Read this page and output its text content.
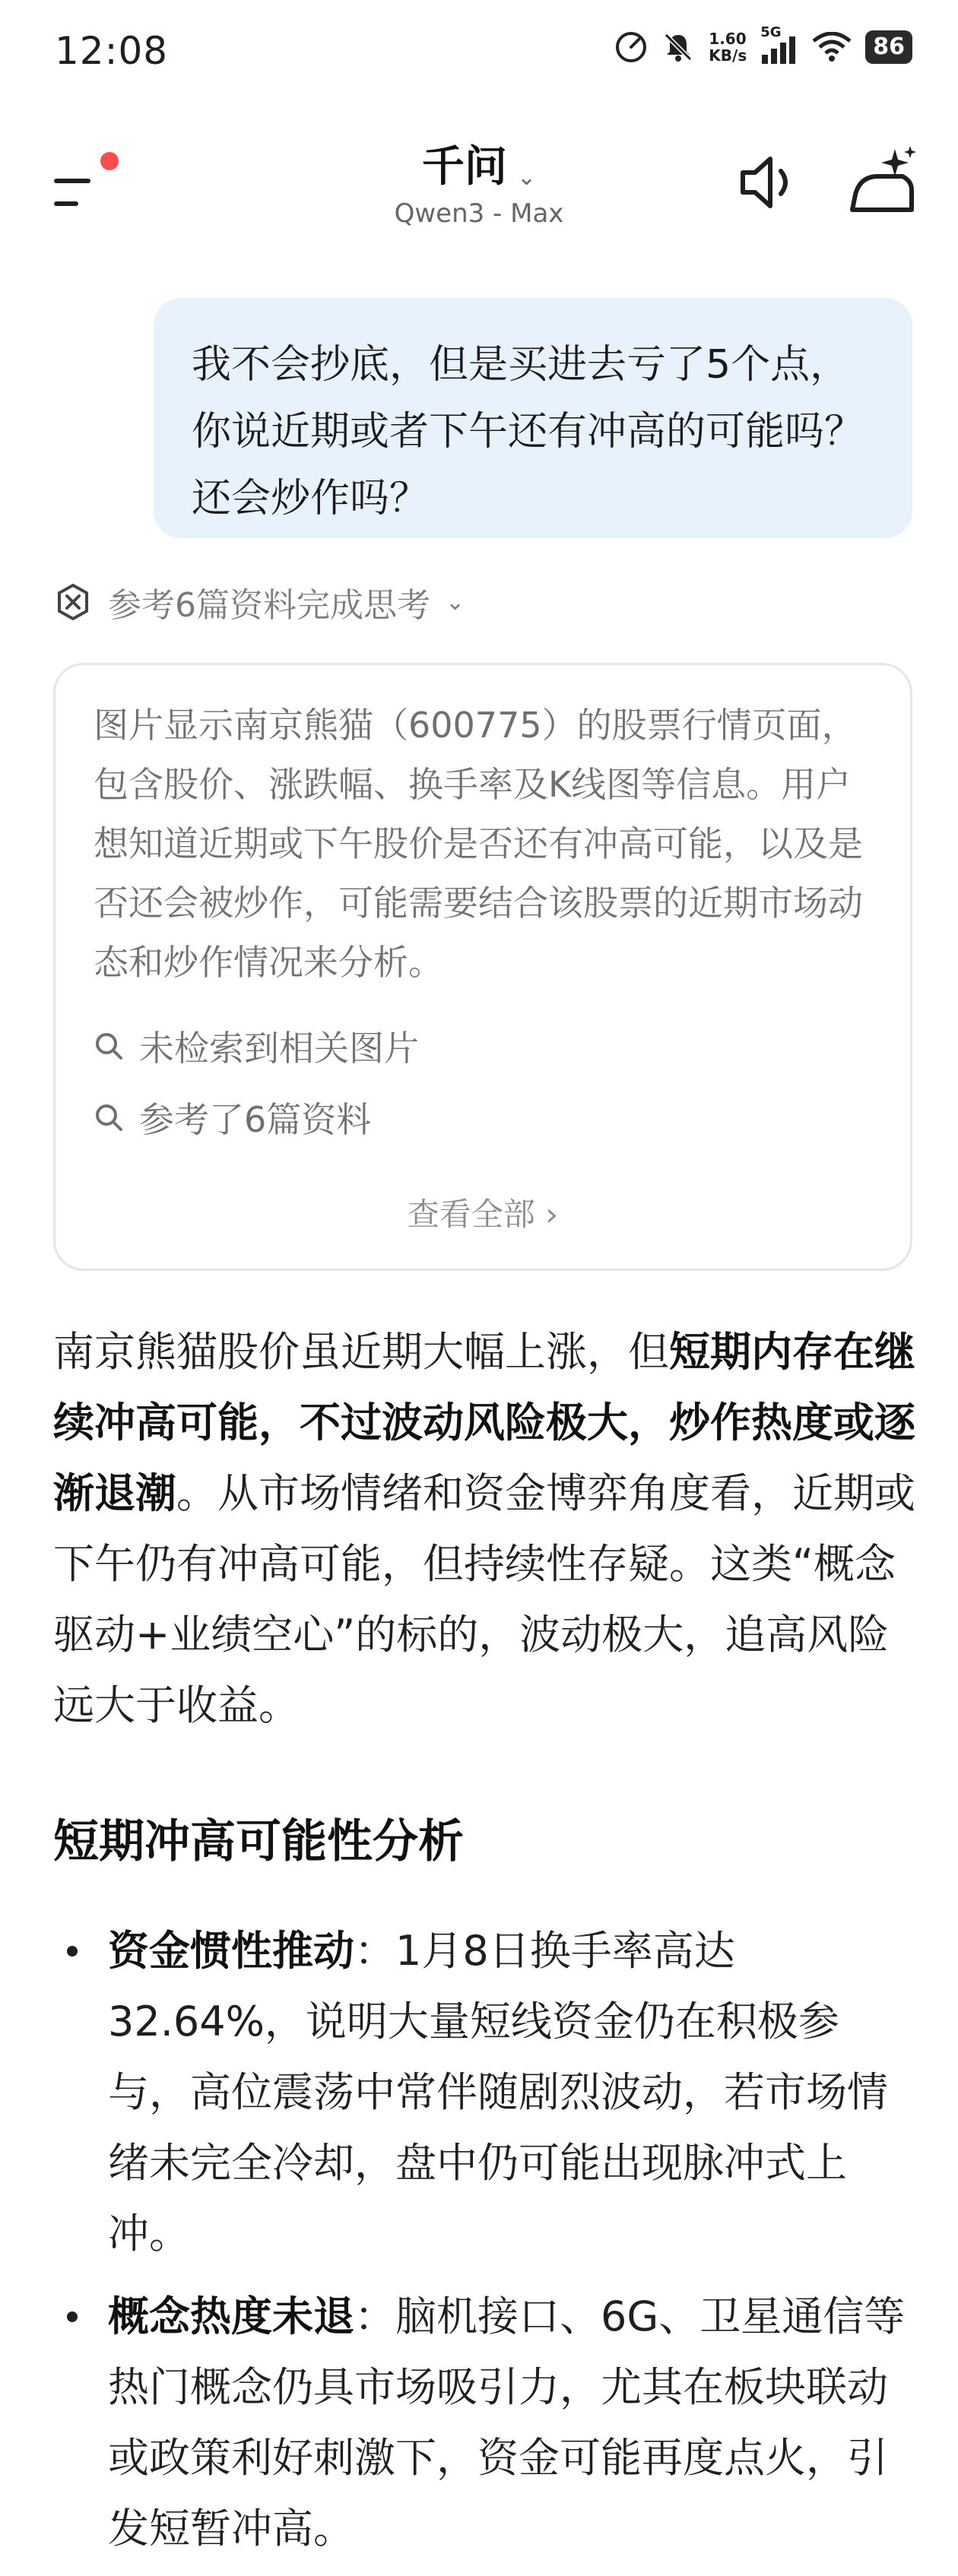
12:08	1.60
KB/s
5G
86
千问 ⌄
Qwen3 - Max
我不会抄底，但是买进去亏了5个点，你说近期或者下午还有冲高的可能吗？还会炒作吗？
参考6篇资料完成思考 ⌄
图片显示南京熊猫（600775）的股票行情页面，包含股价、涨跌幅、换手率及K线图等信息。用户想知道近期或下午股价是否还有冲高可能，以及是否还会被炒作，可能需要结合该股票的近期市场动态和炒作情况来分析。
未检索到相关图片
参考了6篇资料
查看全部 ›
南京熊猫股价虽近期大幅上涨，但短期内存在继续冲高可能，不过波动风险极大，炒作热度或逐渐退潮。从市场情绪和资金博弈角度看，近期或下午仍有冲高可能，但持续性存疑。这类“概念驱动+业绩空心”的标的，波动极大，追高风险远大于收益。
短期冲高可能性分析
资金惯性推动：1月8日换手率高达32.64%，说明大量短线资金仍在积极参与，高位震荡中常伴随剧烈波动，若市场情绪未完全冷却，盘中仍可能出现脉冲式上冲。
概念热度未退：脑机接口、6G、卫星通信等热门概念仍具市场吸引力，尤其在板块联动或政策利好刺激下，资金可能再度点火，引发短暂冲高。
